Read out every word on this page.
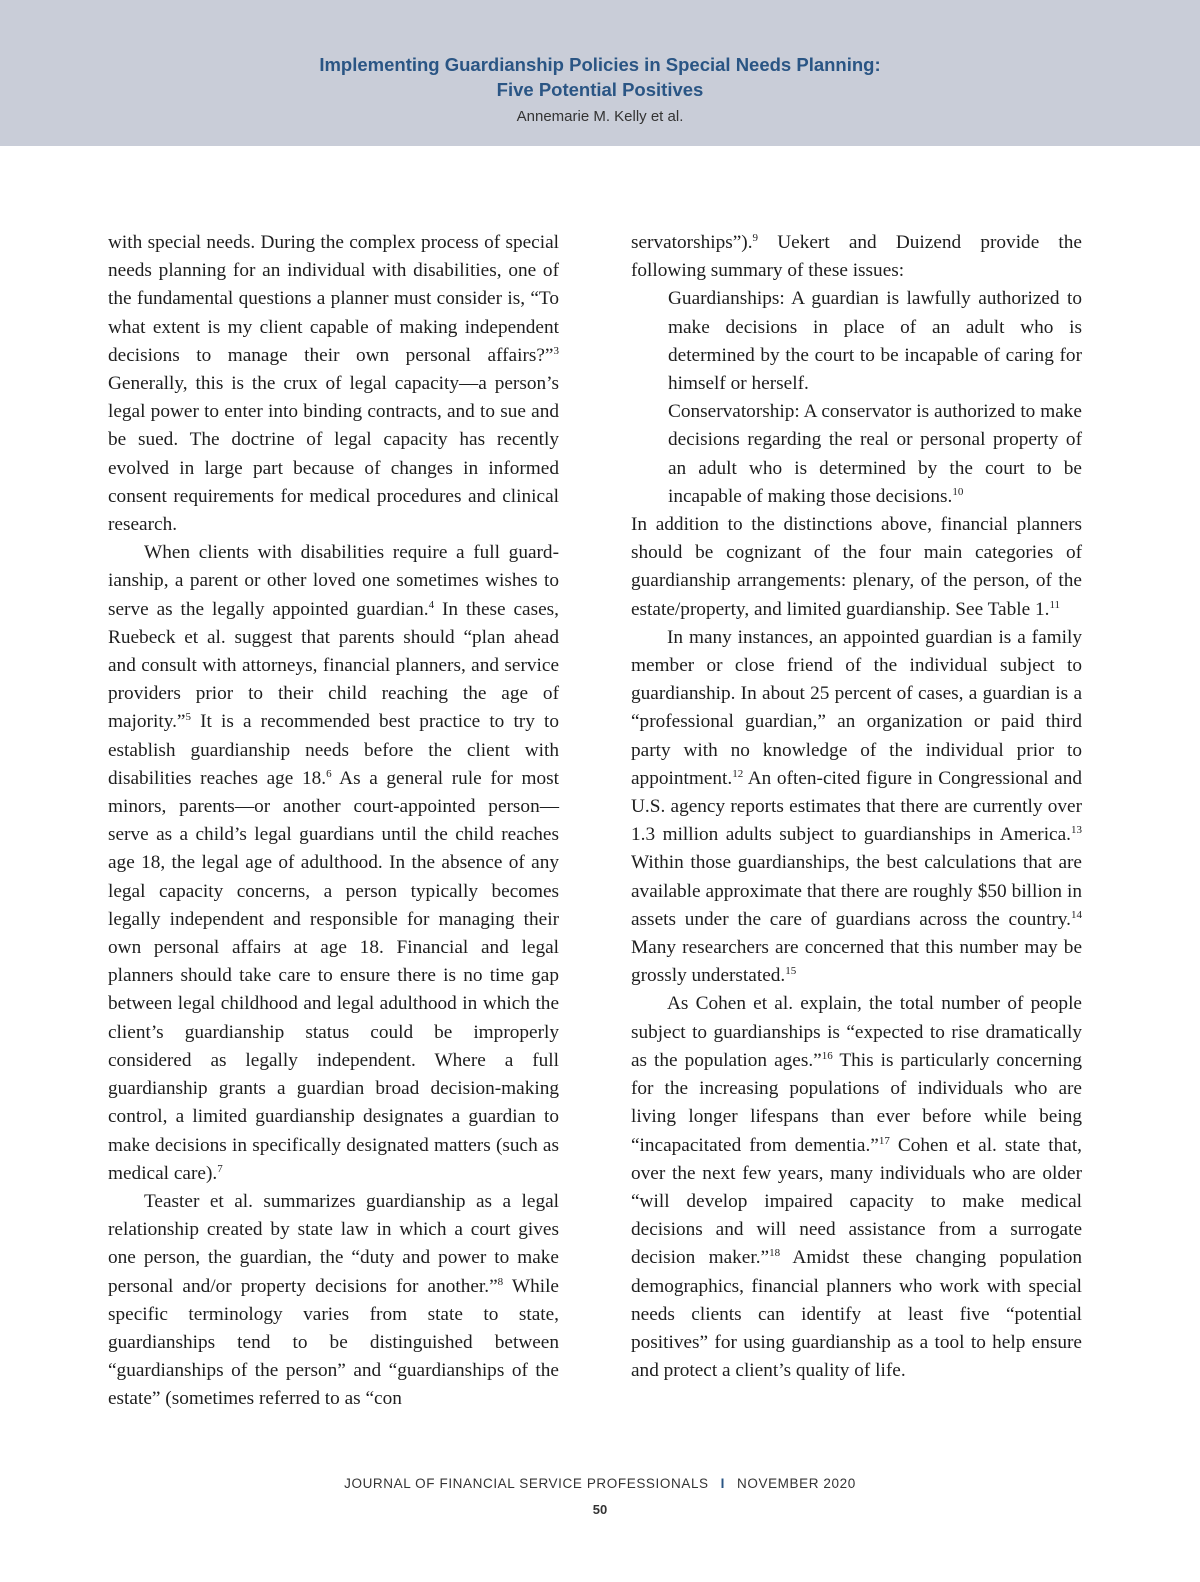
Implementing Guardianship Policies in Special Needs Planning:
Five Potential Positives
Annemarie M. Kelly et al.

with special needs. During the complex process of special needs planning for an individual with disabilities, one of the fundamental questions a planner must consider is, “To what extent is my client capable of making independent decisions to manage their own personal affairs?”$^3$ Generally, this is the crux of legal capacity—a person’s legal power to enter into binding contracts, and to sue and be sued. The doctrine of legal capacity has recently evolved in large part because of changes in informed consent requirements for medical procedures and clinical research.

When clients with disabilities require a full guardianship, a parent or other loved one sometimes wishes to serve as the legally appointed guardian.$^4$ In these cases, Ruebeck et al. suggest that parents should “plan ahead and consult with attorneys, financial planners, and service providers prior to their child reaching the age of majority.”$^5$ It is a recommended best practice to try to establish guardianship needs before the client with disabilities reaches age 18.$^6$ As a general rule for most minors, parents—or another court-appointed person—serve as a child’s legal guardians until the child reaches age 18, the legal age of adulthood. In the absence of any legal capacity concerns, a person typically becomes legally independent and responsible for managing their own personal affairs at age 18. Financial and legal planners should take care to ensure there is no time gap between legal childhood and legal adulthood in which the client’s guardianship status could be improperly considered as legally independent. Where a full guardianship grants a guardian broad decision-making control, a limited guardianship designates a guardian to make decisions in specifically designated matters (such as medical care).$^7$

Teaster et al. summarizes guardianship as a legal relationship created by state law in which a court gives one person, the guardian, the “duty and power to make personal and/or property decisions for another.”$^8$ While specific terminology varies from state to state, guardianships tend to be distinguished between “guardianships of the person” and “guardianships of the estate” (sometimes referred to as “con

servatorships”).$^9$ Uekert and Duizend provide the following summary of these issues:

Guardianships: A guardian is lawfully authorized to make decisions in place of an adult who is determined by the court to be incapable of caring for himself or herself.

Conservatorship: A conservator is authorized to make decisions regarding the real or personal property of an adult who is determined by the court to be incapable of making those decisions.$^{10}$

In addition to the distinctions above, financial planners should be cognizant of the four main categories of guardianship arrangements: plenary, of the person, of the estate/property, and limited guardianship. See Table 1.11

In many instances, an appointed guardian is a family member or close friend of the individual subject to guardianship. In about 25 percent of cases, a guardian is a “professional guardian,” an organization or paid third party with no knowledge of the individual prior to appointment.$^{12}$ An often-cited figure in Congressional and U.S. agency reports estimates that there are currently over 1.3 million adults subject to guardianships in America.$^{13}$ Within those guardianships, the best calculations that are available approximate that there are roughly $50 billion in assets under the care of guardians across the country.$^{14}$ Many researchers are concerned that this number may be grossly understated.$^{15}$

As Cohen et al. explain, the total number of people subject to guardianships is “expected to rise dramatically as the population ages.”$^{16}$ This is particularly concerning for the increasing populations of individuals who are living longer lifespans than ever before while being “incapacitated from dementia.”$^{17}$ Cohen et al. state that, over the next few years, many individuals who are older “will develop impaired capacity to make medical decisions and will need assistance from a surrogate decision maker.”$^{18}$ Amidst these changing population demographics, financial planners who work with special needs clients can identify at least five “potential positives” for using guardianship as a tool to help ensure and protect a client’s quality of life.

JOURNAL OF FINANCIAL SERVICE PROFESSIONALS I NOVEMBER 2020
50
